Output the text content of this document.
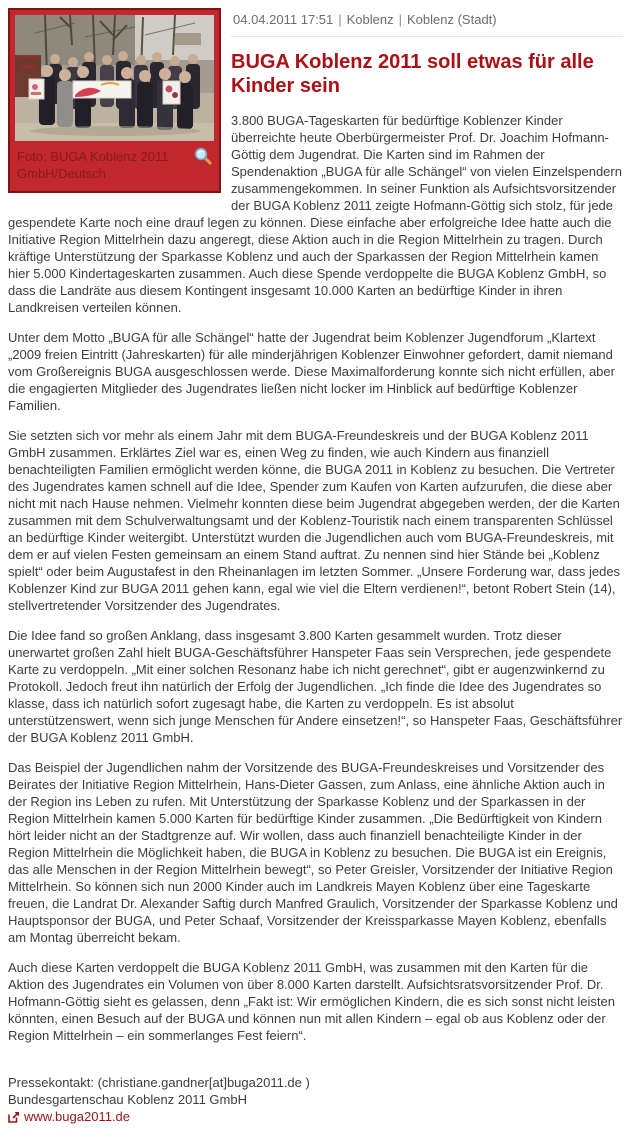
Foto: BUGA Koblenz 2011 GmbH/Deutsch
04.04.2011 17:51 | Koblenz | Koblenz (Stadt)
BUGA Koblenz 2011 soll etwas für alle Kinder sein

3.800 BUGA-Tageskarten für bedürftige Koblenzer Kinder überreichte heute Oberbürgermeister Prof. Dr. Joachim Hofmann-Göttig dem Jugendrat. Die Karten sind im Rahmen der Spendenaktion „BUGA für alle Schängel“ von vielen Einzelspendern zusammengekommen. In seiner Funktion als Aufsichtsvorsitzender der BUGA Koblenz 2011 zeigte Hofmann-Göttig sich stolz, für jede gespendete Karte noch eine drauf legen zu können. Diese einfache aber erfolgreiche Idee hatte auch die Initiative Region Mittelrhein dazu angeregt, diese Aktion auch in die Region Mittelrhein zu tragen. Durch kräftige Unterstützung der Sparkasse Koblenz und auch der Sparkassen der Region Mittelrhein kamen hier 5.000 Kindertageskarten zusammen. Auch diese Spende verdoppelte die BUGA Koblenz GmbH, so dass die Landräte aus diesem Kontingent insgesamt 10.000 Karten an bedürftige Kinder in ihren Landkreisen verteilen können.

Unter dem Motto „BUGA für alle Schängel“ hatte der Jugendrat beim Koblenzer Jugendforum „Klartext „2009 freien Eintritt (Jahreskarten) für alle minderjährigen Koblenzer Einwohner gefordert, damit niemand vom Großereignis BUGA ausgeschlossen werde. Diese Maximalforderung konnte sich nicht erfüllen, aber die engagierten Mitglieder des Jugendrates ließen nicht locker im Hinblick auf bedürftige Koblenzer Familien.

Sie setzten sich vor mehr als einem Jahr mit dem BUGA-Freundeskreis und der BUGA Koblenz 2011 GmbH zusammen. Erklärtes Ziel war es, einen Weg zu finden, wie auch Kindern aus finanziell benachteiligten Familien ermöglicht werden könne, die BUGA 2011 in Koblenz zu besuchen. Die Vertreter des Jugendrates kamen schnell auf die Idee, Spender zum Kaufen von Karten aufzurufen, die diese aber nicht mit nach Hause nehmen. Vielmehr konnten diese beim Jugendrat abgegeben werden, der die Karten zusammen mit dem Schulverwaltungsamt und der Koblenz-Touristik nach einem transparenten Schlüssel an bedürftige Kinder weitergibt. Unterstützt wurden die Jugendlichen auch vom BUGA-Freundeskreis, mit dem er auf vielen Festen gemeinsam an einem Stand auftrat. Zu nennen sind hier Stände bei „Koblenz spielt“ oder beim Augustafest in den Rheinanlagen im letzten Sommer. „Unsere Forderung war, dass jedes Koblenzer Kind zur BUGA 2011 gehen kann, egal wie viel die Eltern verdienen!“, betont Robert Stein (14), stellvertretender Vorsitzender des Jugendrates.

Die Idee fand so großen Anklang, dass insgesamt 3.800 Karten gesammelt wurden. Trotz dieser unerwartet großen Zahl hielt BUGA-Geschäftsführer Hanspeter Faas sein Versprechen, jede gespendete Karte zu verdoppeln. „Mit einer solchen Resonanz habe ich nicht gerechnet“, gibt er augenzwinkernd zu Protokoll. Jedoch freut ihn natürlich der Erfolg der Jugendlichen. „Ich finde die Idee des Jugendrates so klasse, dass ich natürlich sofort zugesagt habe, die Karten zu verdoppeln. Es ist absolut unterstützenswert, wenn sich junge Menschen für Andere einsetzen!“, so Hanspeter Faas, Geschäftsführer der BUGA Koblenz 2011 GmbH.

Das Beispiel der Jugendlichen nahm der Vorsitzende des BUGA-Freundeskreises und Vorsitzender des Beirates der Initiative Region Mittelrhein, Hans-Dieter Gassen, zum Anlass, eine ähnliche Aktion auch in der Region ins Leben zu rufen. Mit Unterstützung der Sparkasse Koblenz und der Sparkassen in der Region Mittelrhein kamen 5.000 Karten für bedürftige Kinder zusammen. „Die Bedürftigkeit von Kindern hört leider nicht an der Stadtgrenze auf. Wir wollen, dass auch finanziell benachteiligte Kinder in der Region Mittelrhein die Möglichkeit haben, die BUGA in Koblenz zu besuchen. Die BUGA ist ein Ereignis, das alle Menschen in der Region Mittelrhein bewegt“, so Peter Greisler, Vorsitzender der Initiative Region Mittelrhein. So können sich nun 2000 Kinder auch im Landkreis Mayen Koblenz über eine Tageskarte freuen, die Landrat Dr. Alexander Saftig durch Manfred Graulich, Vorsitzender der Sparkasse Koblenz und Hauptsponsor der BUGA, und Peter Schaaf, Vorsitzender der Kreissparkasse Mayen Koblenz, ebenfalls am Montag überreicht bekam.

Auch diese Karten verdoppelt die BUGA Koblenz 2011 GmbH, was zusammen mit den Karten für die Aktion des Jugendrates ein Volumen von über 8.000 Karten darstellt. Aufsichtsratsvorsitzender Prof. Dr. Hofmann-Göttig sieht es gelassen, denn „Fakt ist: Wir ermöglichen Kindern, die es sich sonst nicht leisten könnten, einen Besuch auf der BUGA und können nun mit allen Kindern – egal ob aus Koblenz oder der Region Mittelrhein – ein sommerlanges Fest feiern“.

Pressekontakt: (christiane.gandner[at]buga2011.de )

Bundesgartenschau Koblenz 2011 GmbH

www.buga2011.de
